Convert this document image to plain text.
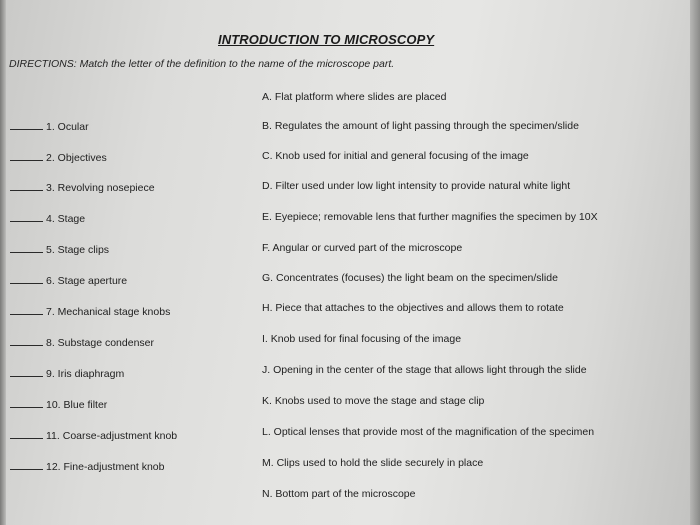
INTRODUCTION TO MICROSCOPY
DIRECTIONS: Match the letter of the definition to the name of the microscope part.
1. Ocular
2. Objectives
3. Revolving nosepiece
4. Stage
5. Stage clips
6. Stage aperture
7. Mechanical stage knobs
8. Substage condenser
9. Iris diaphragm
10. Blue filter
11. Coarse-adjustment knob
12. Fine-adjustment knob
A. Flat platform where slides are placed
B. Regulates the amount of light passing through the specimen/slide
C. Knob used for initial and general focusing of the image
D. Filter used under low light intensity to provide natural white light
E. Eyepiece; removable lens that further magnifies the specimen by 10X
F. Angular or curved part of the microscope
G. Concentrates (focuses) the light beam on the specimen/slide
H. Piece that attaches to the objectives and allows them to rotate
I. Knob used for final focusing of the image
J. Opening in the center of the stage that allows light through the slide
K. Knobs used to move the stage and stage clip
L. Optical lenses that provide most of the magnification of the specimen
M. Clips used to hold the slide securely in place
N. Bottom part of the microscope
